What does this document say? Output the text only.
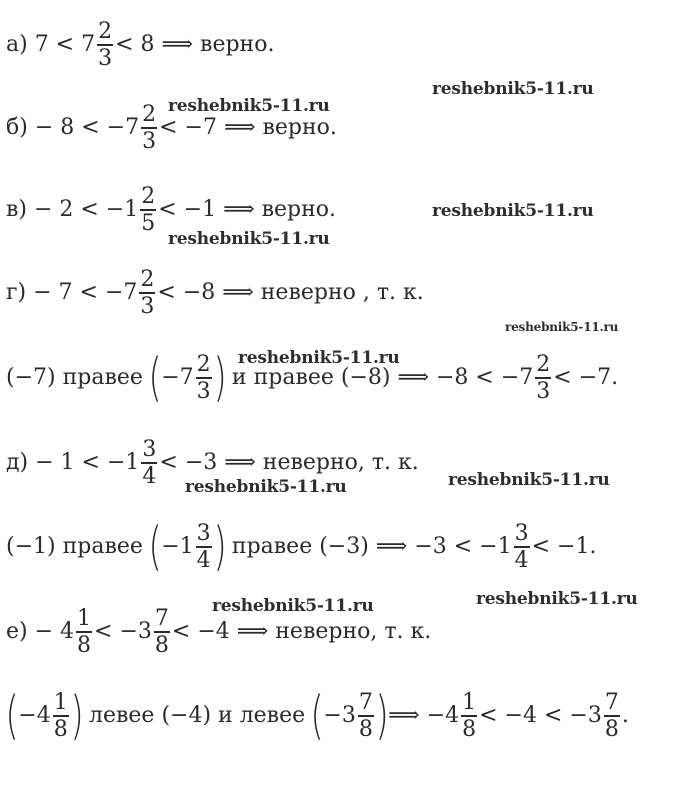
а) $7 < 7 \frac{2}{3} < 8$ ⟹ верно.
$б) - 8 < -7 \frac{2}{3} < -7$ ⟹ верно.
$в) - 2 < -1 \frac{2}{5} < -1$ ⟹ верно.
$г) - 7 < -7 \frac{2}{3} < -8$ ⟹ неверно , т. к.
(−7) правее ( $-7 \frac{2}{3}$ ) и правее (−8) ⟹ $-8 < -7 \frac{2}{3} < -7$.
$д) - 1 < -1 \frac{3}{4} < -3$ ⟹ неверно, т. к.
(−1) правее ( $-1 \frac{3}{4}$ ) правее (−3) ⟹ $-3 < -1 \frac{3}{4} < -1$.
$е) - 4 \frac{1}{8} < -3 \frac{7}{8} < -4$ ⟹ неверно, т. к.
( $-4 \frac{1}{8}$ ) левее (−4) и левее ( $-3 \frac{7}{8}$ ) ⟹ $-4 \frac{1}{8} < -4 < -3 \frac{7}{8}$ .
reshebnik5-11.ru
reshebnik5-11.ru
reshebnik5-11.ru
reshebnik5-11.ru
reshebnik5-11.ru
reshebnik5-11.ru
reshebnik5-11.ru
reshebnik5-11.ru
reshebnik5-11.ru
reshebnik5-11.ru
